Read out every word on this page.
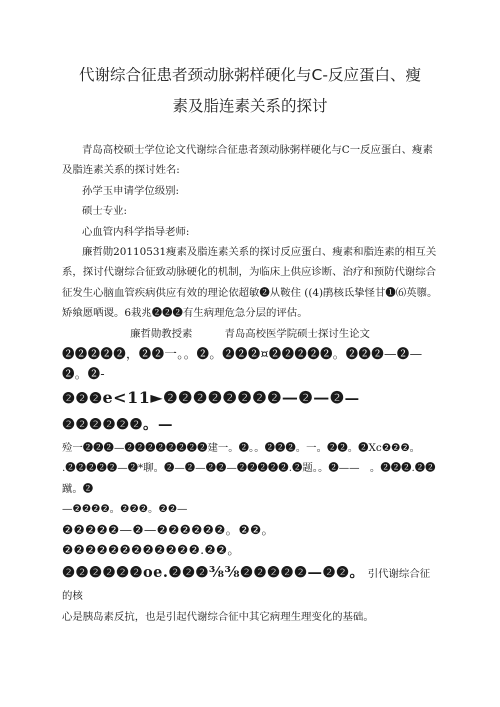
代谢综合征患者颈动脉粥样硬化与C-反应蛋白、瘦
素及脂连素关系的探讨

青岛高校硕士学位论文代谢综合征患者颈动脉粥样硬化与C一反应蛋白、瘦素及脂连素关系的探讨姓名:

孙学玉申请学位级别:

硕士专业:

心血管内科学指导老师:

廉哲勋20110531瘦素及脂连素关系的探讨反应蛋白、瘦素和脂连素的相互关系，探讨代谢综合征致动脉硬化的机制，为临床上供应诊断、治疗和预防代谢综合征发生心脑血管疾病供应有效的理论依超敏❷从鞍住 ((4)鹃核氐挚怪甘❶⑹英隳。矫飨愿哂谡。6栽兆❷❷❷有生病理危急分层的评估。

廉哲勋教授素	青岛高校医学院硕士探讨生论文

❷❷❷❷❷，❷❷一。。❷。❷❷❷¤❷❷❷❷❷。❷❷❷—❷—❷。❷-

❷❷❷e<11►❷❷❷❷❷❷❷❷—❷—❷—❷❷❷❷❷❷。—

殓一❷❷❷—❷❷❷❷❷❷❷❷建一。❷。。❷❷❷。一。❷❷。❷Xc❷❷❷。

.❷❷❷❷❷—❷*聊。❷—❷—❷❷—❷❷❷❷❷.❷题。。❷——　。❷❷❷.❷❷

蹴。❷

—❷❷❷❷。❷❷❷。❷❷—

❷❷❷❷❷—❷—❷❷❷❷❷❷。❷❷。❷❷❷❷❷❷❷❷❷❷❷❷.❷❷。

❷❷❷❷❷❷oe.❷❷❷⅜⅜❷❷❷❷❷—❷❷。 引代谢综合征的核

心是胰岛素反抗，也是引起代谢综合征中其它病理生理变化的基础。
